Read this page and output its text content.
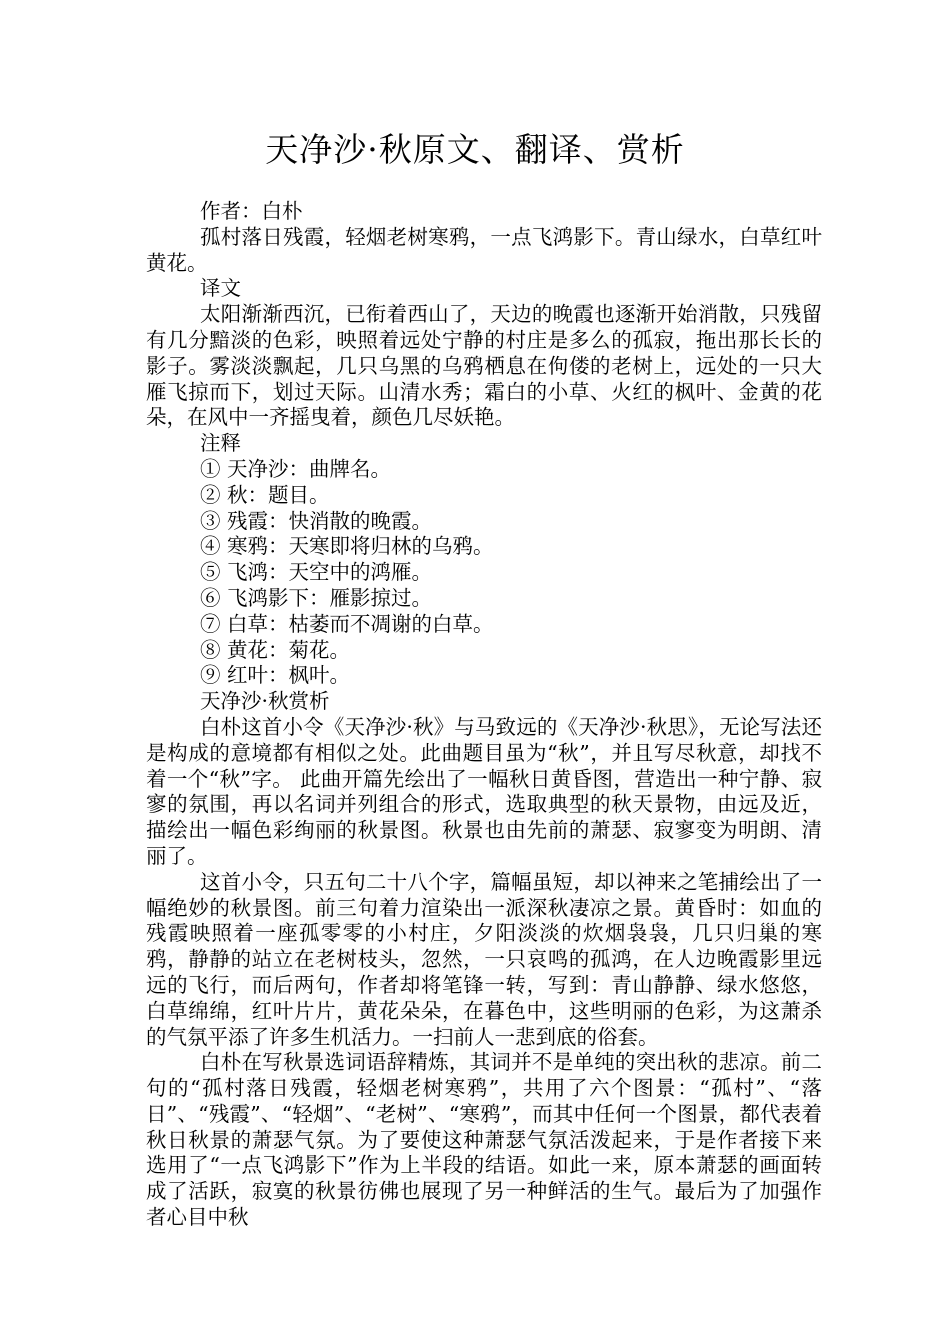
天净沙·秋原文、翻译、赏析

作者：白朴

孤村落日残霞，轻烟老树寒鸦，一点飞鸿影下。青山绿水，白草红叶黄花。

译文

太阳渐渐西沉，已衔着西山了，天边的晚霞也逐渐开始消散，只残留有几分黯淡的色彩，映照着远处宁静的村庄是多么的孤寂，拖出那长长的影子。雾淡淡飘起，几只乌黑的乌鸦栖息在佝偻的老树上，远处的一只大雁飞掠而下，划过天际。山清水秀；霜白的小草、火红的枫叶、金黄的花朵，在风中一齐摇曳着，颜色几尽妖艳。

注释

① 天净沙：曲牌名。

② 秋：题目。

③ 残霞：快消散的晚霞。

④ 寒鸦：天寒即将归林的乌鸦。

⑤ 飞鸿：天空中的鸿雁。

⑥ 飞鸿影下：雁影掠过。

⑦ 白草：枯萎而不凋谢的白草。

⑧ 黄花：菊花。

⑨ 红叶：枫叶。

天净沙·秋赏析

白朴这首小令《天净沙·秋》与马致远的《天净沙·秋思》，无论写法还是构成的意境都有相似之处。此曲题目虽为“秋”，并且写尽秋意，却找不着一个“秋”字。 此曲开篇先绘出了一幅秋日黄昏图，营造出一种宁静、寂寥的氛围，再以名词并列组合的形式，选取典型的秋天景物，由远及近，描绘出一幅色彩绚丽的秋景图。秋景也由先前的萧瑟、寂寥变为明朗、清丽了。

这首小令，只五句二十八个字，篇幅虽短，却以神来之笔捕绘出了一幅绝妙的秋景图。前三句着力渲染出一派深秋凄凉之景。黄昏时：如血的残霞映照着一座孤零零的小村庄，夕阳淡淡的炊烟袅袅，几只归巢的寒鸦，静静的站立在老树枝头，忽然，一只哀鸣的孤鸿，在人边晚霞影里远远的飞行，而后两句，作者却将笔锋一转，写到：青山静静、绿水悠悠，白草绵绵，红叶片片，黄花朵朵，在暮色中，这些明丽的色彩，为这萧杀的气氛平添了许多生机活力。一扫前人一悲到底的俗套。

白朴在写秋景选词语辞精炼，其词并不是单纯的突出秋的悲凉。前二句的“孤村落日残霞，轻烟老树寒鸦”，共用了六个图景：“孤村”、“落日”、“残霞”、“轻烟”、“老树”、“寒鸦”，而其中任何一个图景，都代表着秋日秋景的萧瑟气氛。为了要使这种萧瑟气氛活泼起来，于是作者接下来选用了“一点飞鸿影下”作为上半段的结语。如此一来，原本萧瑟的画面转成了活跃，寂寞的秋景彷佛也展现了另一种鲜活的生气。最后为了加强作者心目中秋
